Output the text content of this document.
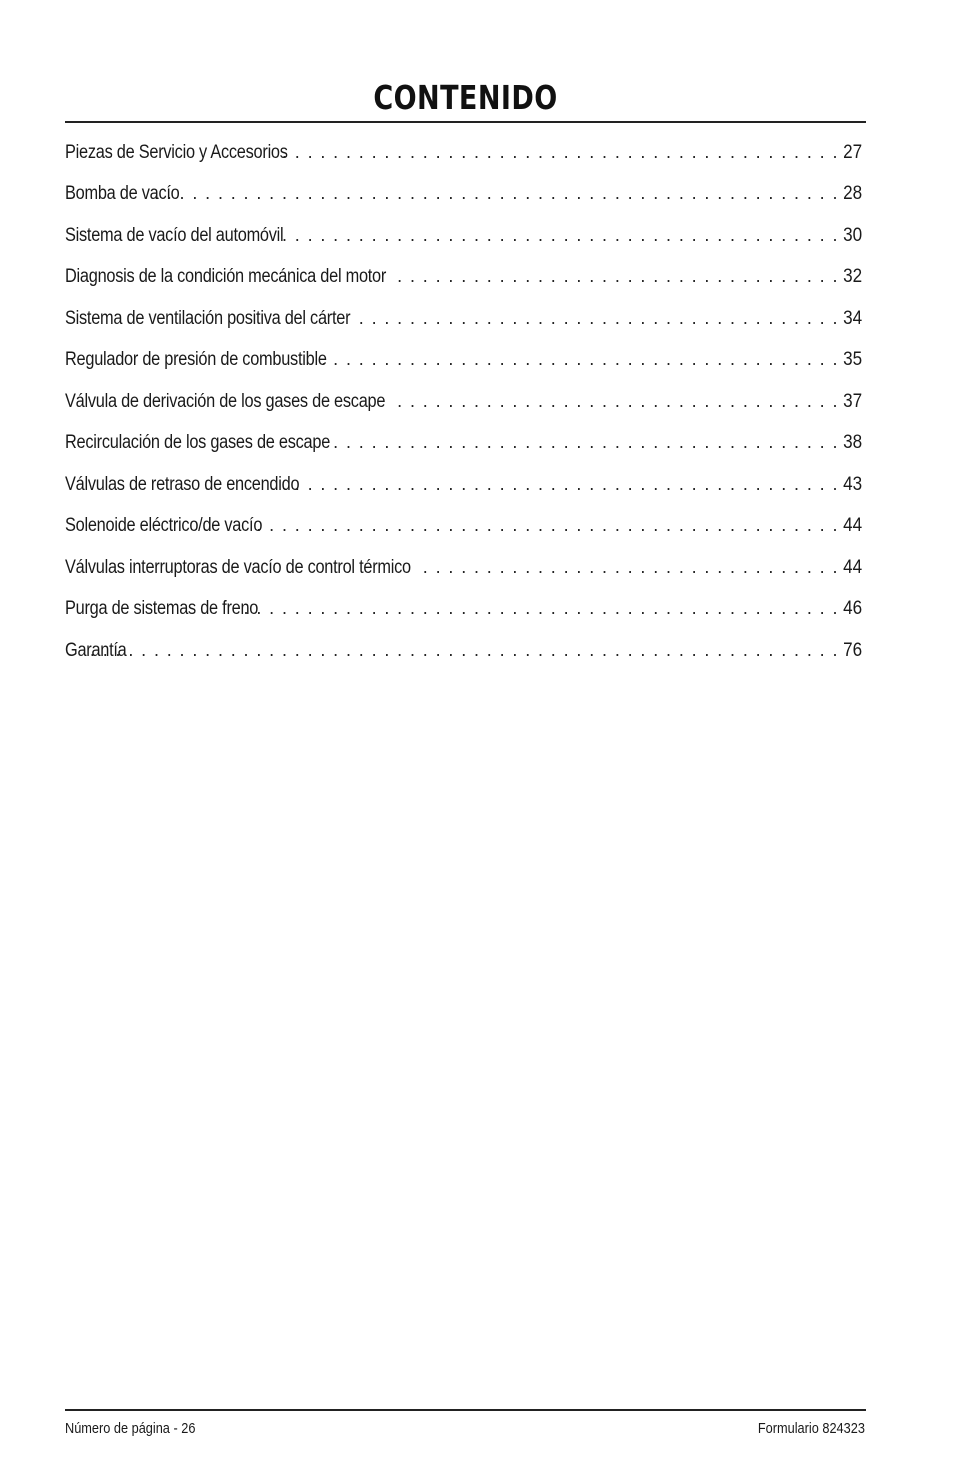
CONTENIDO
Piezas de Servicio y Accesorios . . .	27
Bomba de vacío . . .	28
Sistema de vacío del automóvil . . .	30
Diagnosis de la condición mecánica del motor . . .	32
Sistema de ventilación positiva del cárter . . .	34
Regulador de presión de combustible . . .	35
Válvula de derivación de los gases de escape . . .	37
Recirculación de los gases de escape . . .	38
Válvulas de retraso de encendido . . .	43
Solenoide eléctrico/de vacío . . .	44
Válvulas interruptoras de vacío de control térmico . . .	44
Purga de sistemas de freno . . .	46
Garantía . . .	76
Número de página - 26	Formulario 824323
